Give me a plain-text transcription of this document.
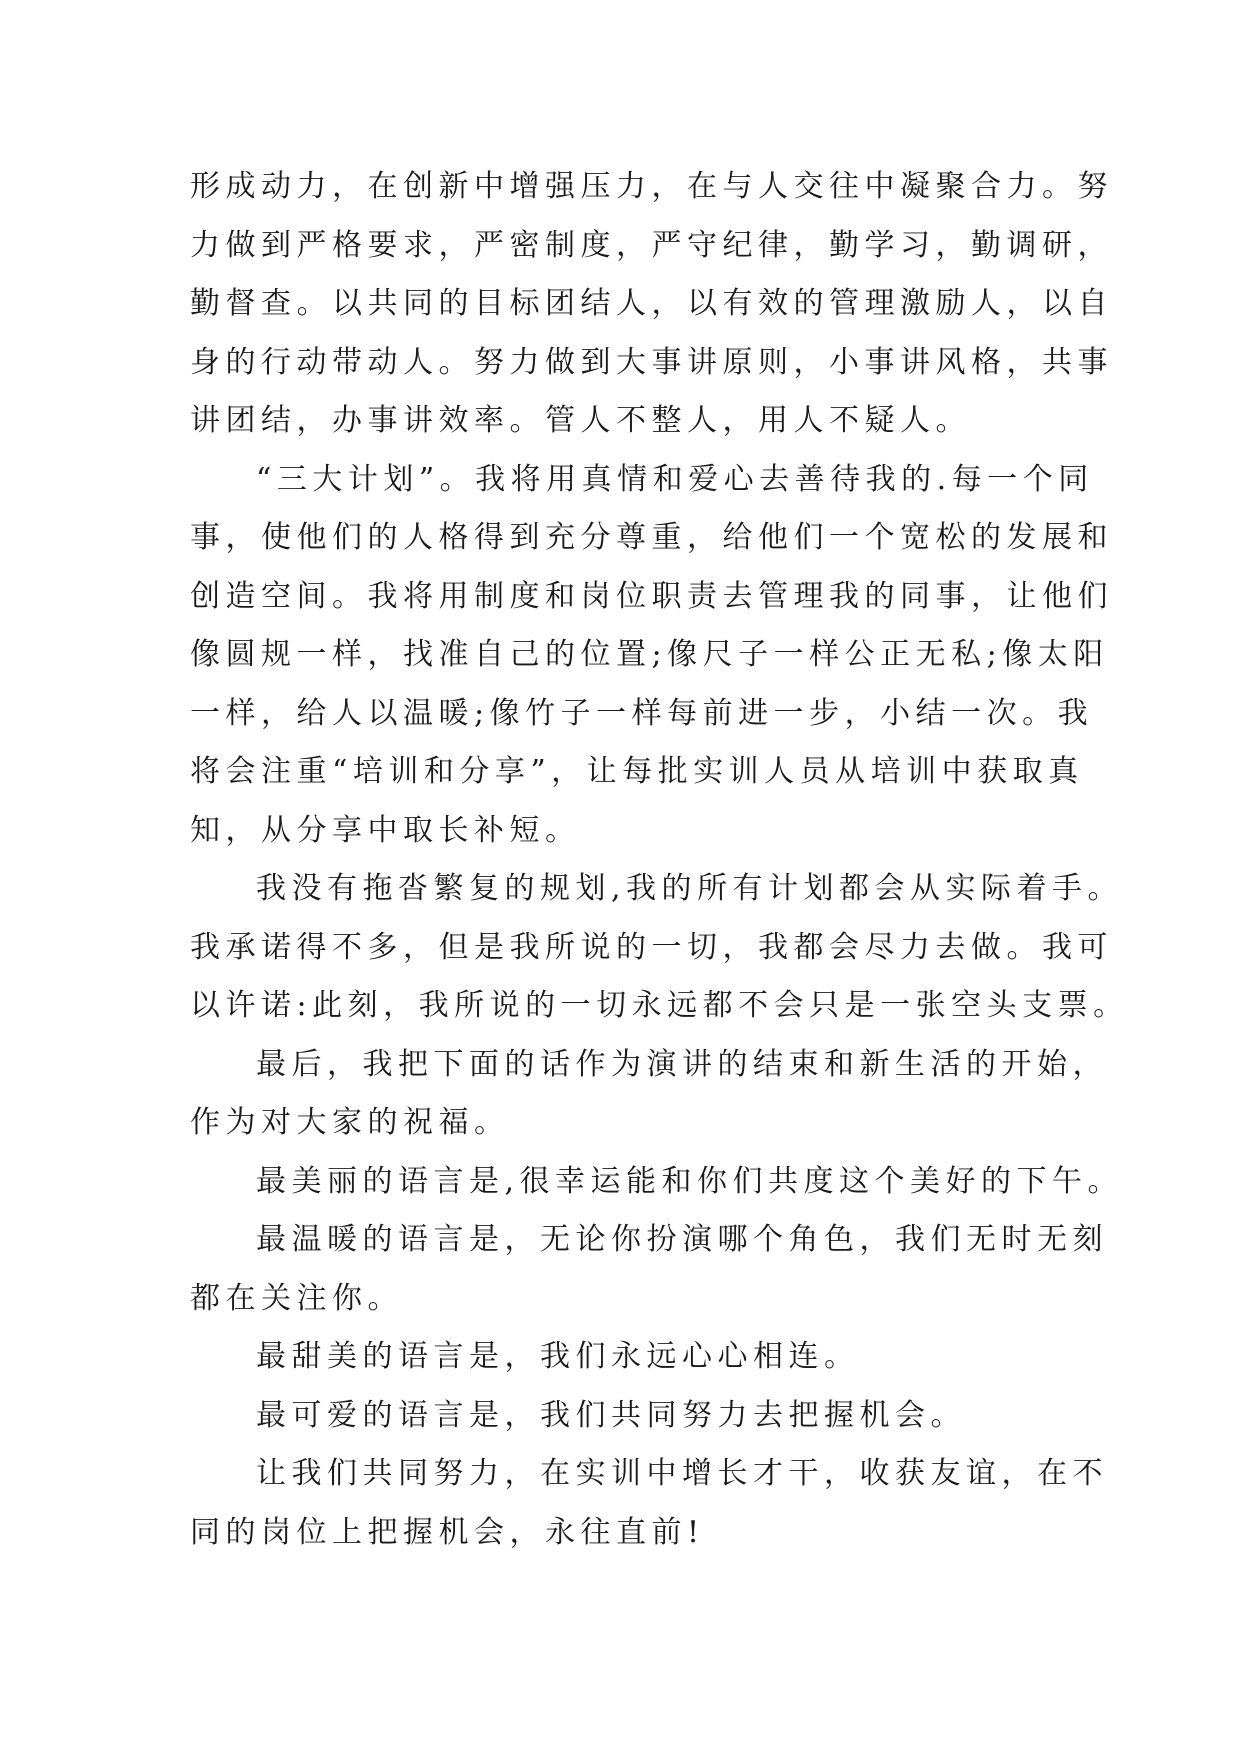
形成动力，在创新中增强压力，在与人交往中凝聚合力。努
力做到严格要求，严密制度，严守纪律，勤学习，勤调研，
勤督查。以共同的目标团结人，以有效的管理激励人，以自
身的行动带动人。努力做到大事讲原则，小事讲风格，共事
讲团结，办事讲效率。管人不整人，用人不疑人。
“三大计划”。我将用真情和爱心去善待我的.每一个同
事，使他们的人格得到充分尊重，给他们一个宽松的发展和
创造空间。我将用制度和岗位职责去管理我的同事，让他们
像圆规一样，找准自己的位置;像尺子一样公正无私;像太阳
一样，给人以温暖;像竹子一样每前进一步，小结一次。我
将会注重“培训和分享”，让每批实训人员从培训中获取真
知，从分享中取长补短。
我没有拖沓繁复的规划,我的所有计划都会从实际着手。
我承诺得不多，但是我所说的一切，我都会尽力去做。我可
以许诺:此刻，我所说的一切永远都不会只是一张空头支票。
最后，我把下面的话作为演讲的结束和新生活的开始，
作为对大家的祝福。
最美丽的语言是,很幸运能和你们共度这个美好的下午。
最温暖的语言是，无论你扮演哪个角色，我们无时无刻
都在关注你。
最甜美的语言是，我们永远心心相连。
最可爱的语言是，我们共同努力去把握机会。
让我们共同努力，在实训中增长才干，收获友谊，在不
同的岗位上把握机会，永往直前!
